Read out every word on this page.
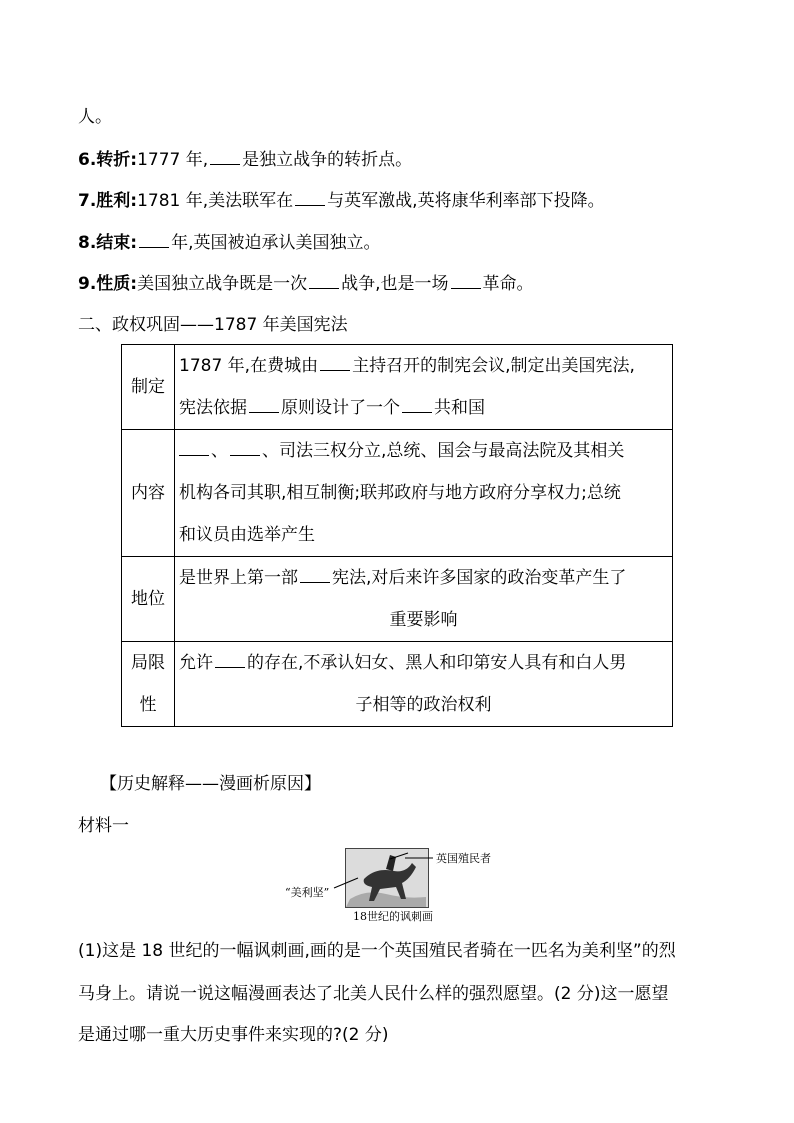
人。
6.转折:1777 年, 是独立战争的转折点。
7.胜利:1781 年,美法联军在 与英军激战,英将康华利率部下投降。
8.结束: 年,英国被迫承认美国独立。
9.性质:美国独立战争既是一次 战争,也是一场 革命。
二、政权巩固——1787 年美国宪法
制定	1787 年,在费城由 主持召开的制宪会议,制定出美国宪法,
宪法依据 原则设计了一个 共和国

内容	、 、司法三权分立,总统、国会与最高法院及其相关
机构各司其职,相互制衡;联邦政府与地方政府分享权力;总统
和议员由选举产生

地位	是世界上第一部 宪法,对后来许多国家的政治变革产生了
重要影响

局限
性	允许 的存在,不承认妇女、黑人和印第安人具有和白人男
子相等的政治权利
【历史解释——漫画析原因】
材料一
英国殖民者
“美利坚”
18世纪的讽刺画
(1)这是 18 世纪的一幅讽刺画,画的是一个英国殖民者骑在一匹名为美利坚”的烈
马身上。请说一说这幅漫画表达了北美人民什么样的强烈愿望。(2 分)这一愿望
是通过哪一重大历史事件来实现的?(2 分)
